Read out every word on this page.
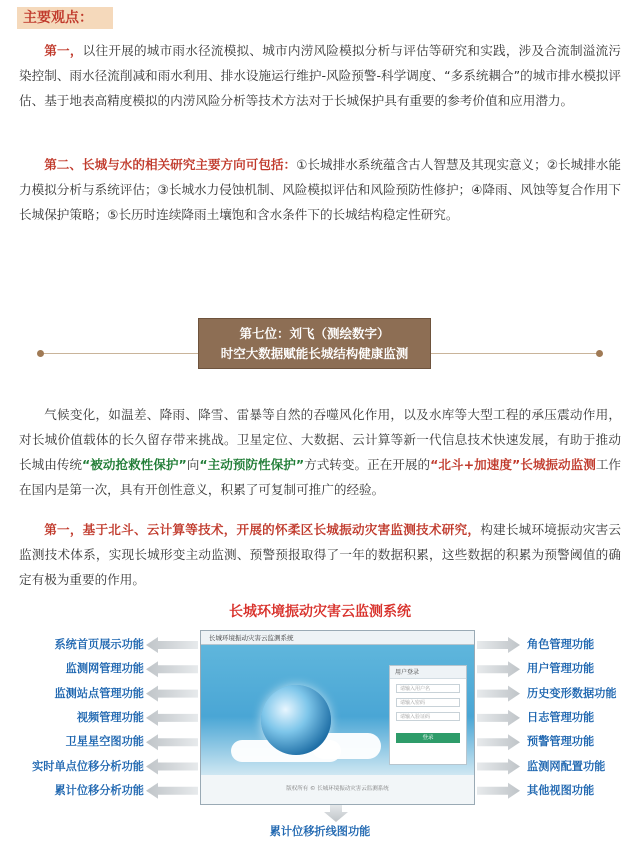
主要观点：

第一，以往开展的城市雨水径流模拟、城市内涝风险模拟分析与评估等研究和实践，涉及合流制溢流污染控制、雨水径流削减和雨水利用、排水设施运行维护-风险预警-科学调度、“多系统耦合”的城市排水模拟评估、基于地表高精度模拟的内涝风险分析等技术方法对于长城保护具有重要的参考价值和应用潜力。

第二、长城与水的相关研究主要方向可包括：①长城排水系统蕴含古人智慧及其现实意义；②长城排水能力模拟分析与系统评估；③长城水力侵蚀机制、风险模拟评估和风险预防性修护；④降雨、风蚀等复合作用下长城保护策略；⑤长历时连续降雨土壤饱和含水条件下的长城结构稳定性研究。

第七位：刘飞（测绘数字）
时空大数据赋能长城结构健康监测

气候变化，如温差、降雨、降雪、雷暴等自然的吞噬风化作用，以及水库等大型工程的承压震动作用，对长城价值载体的长久留存带来挑战。卫星定位、大数据、云计算等新一代信息技术快速发展，有助于推动长城由传统“被动抢救性保护”向“主动预防性保护”方式转变。正在开展的“北斗+加速度”长城振动监测工作在国内是第一次，具有开创性意义，积累了可复制可推广的经验。

第一，基于北斗、云计算等技术，开展的怀柔区长城振动灾害监测技术研究，构建长城环境振动灾害云监测技术体系，实现长城形变主动监测、预警预报取得了一年的数据积累，这些数据的积累为预警阈值的确定有极为重要的作用。

长城环境振动灾害云监测系统
系统首页展示功能
监测网管理功能
监测站点管理功能
视频管理功能
卫星星空图功能
实时单点位移分析功能
累计位移分析功能
角色管理功能
用户管理功能
历史变形数据功能
日志管理功能
预警管理功能
监测网配置功能
其他视图功能
长城环境振动灾害云监测系统
用户登录
请输入用户名
请输入密码
请输入验证码
登录
版权所有 © 长城环境振动灾害云监测系统
累计位移折线图功能
